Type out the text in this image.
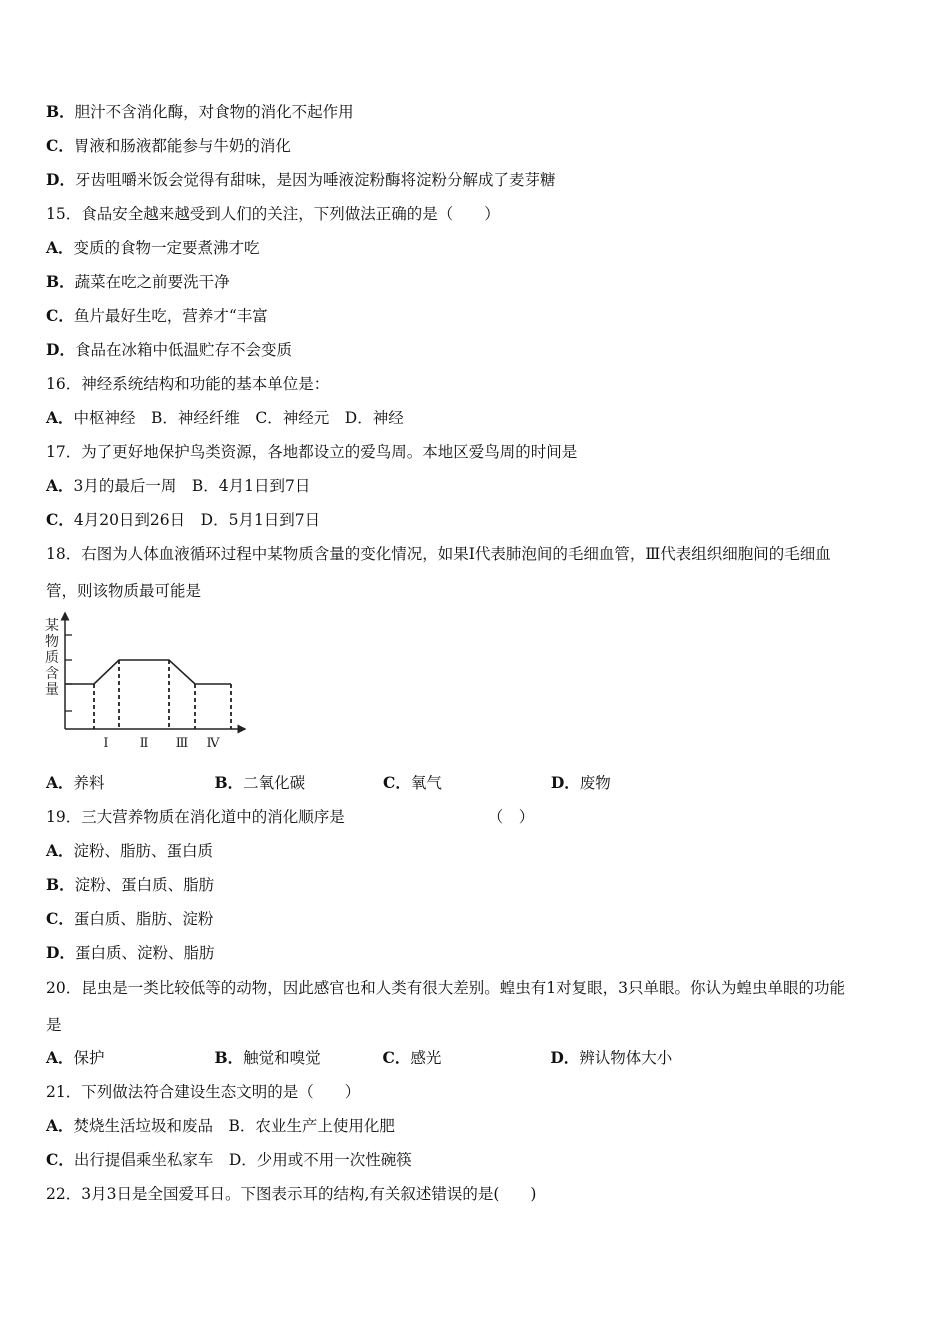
B．胆汁不含消化酶，对食物的消化不起作用
C．胃液和肠液都能参与牛奶的消化
D．牙齿咀嚼米饭会觉得有甜味，是因为唾液淀粉酶将淀粉分解成了麦芽糖
15．食品安全越来越受到人们的关注，下列做法正确的是（　　）
A．变质的食物一定要煮沸才吃
B．蔬菜在吃之前要洗干净
C．鱼片最好生吃，营养才“丰富
D．食品在冰箱中低温贮存不会变质
16．神经系统结构和功能的基本单位是：
A．中枢神经　B．神经纤维　C．神经元　D．神经
17．为了更好地保护鸟类资源，各地都设立的爱鸟周。本地区爱鸟周的时间是
A．3月的最后一周　B．4月1日到7日
C．4月20日到26日　D．5月1日到7日
18．右图为人体血液循环过程中某物质含量的变化情况，如果Ⅰ代表肺泡间的毛细血管，Ⅲ代表组织细胞间的毛细血
管，则该物质最可能是
某
物
质
含
量
Ⅰ Ⅱ Ⅲ Ⅳ
A．养料	B．二氧化碳	C．氧气	D．废物
19．三大营养物质在消化道中的消化顺序是	（　）
A．淀粉、脂肪、蛋白质
B．淀粉、蛋白质、脂肪
C．蛋白质、脂肪、淀粉
D．蛋白质、淀粉、脂肪
20．昆虫是一类比较低等的动物，因此感官也和人类有很大差别。蝗虫有1对复眼，3只单眼。你认为蝗虫单眼的功能
是
A．保护	B．触觉和嗅觉	C．感光	D．辨认物体大小
21．下列做法符合建设生态文明的是（　　）
A．焚烧生活垃圾和废品　B．农业生产上使用化肥
C．出行提倡乘坐私家车　D．少用或不用一次性碗筷
22．3月3日是全国爱耳日。下图表示耳的结构,有关叙述错误的是(　　)
